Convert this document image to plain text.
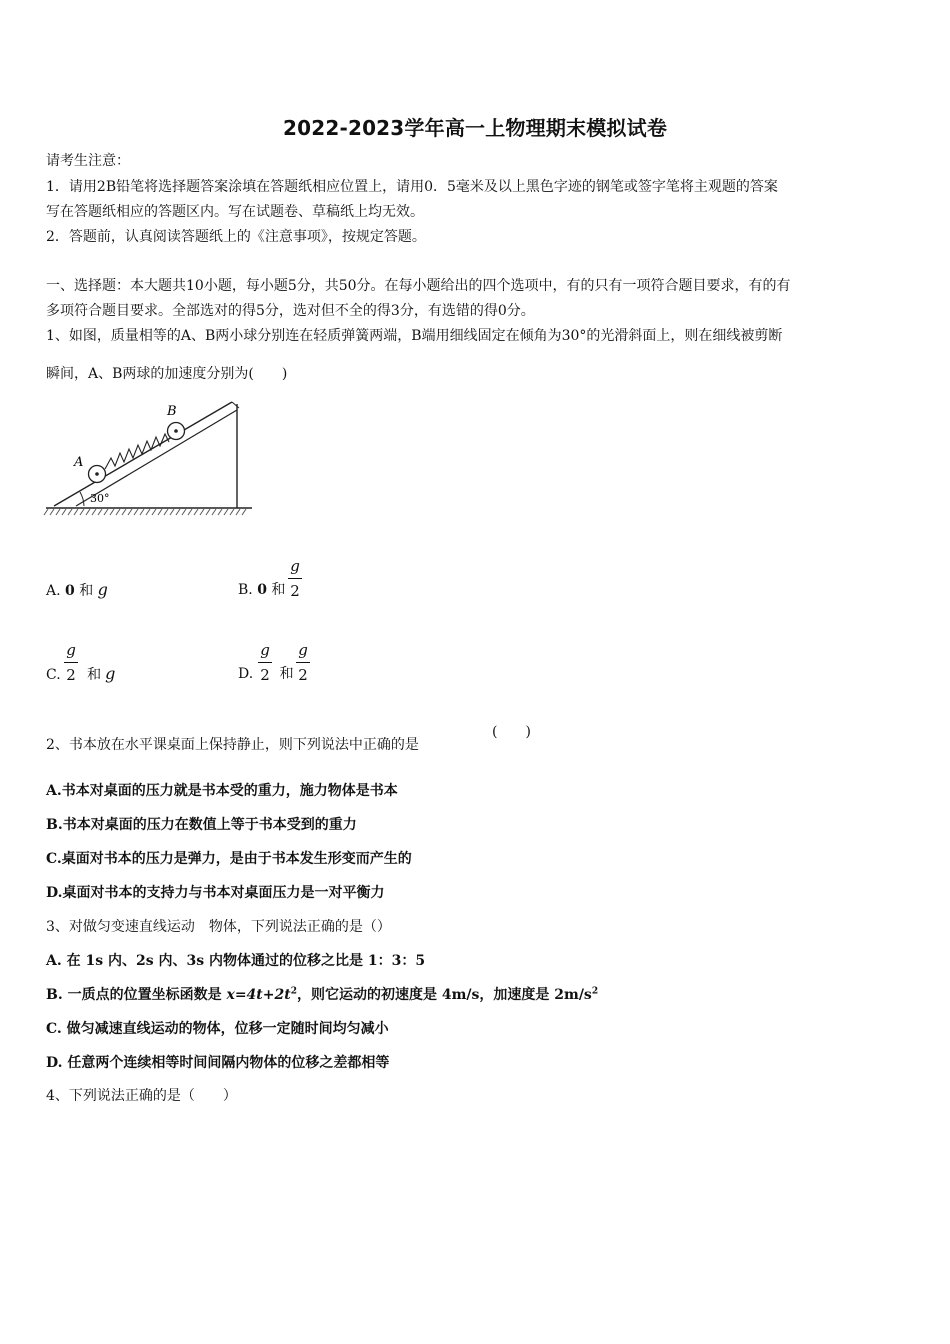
2022-2023学年高一上物理期末模拟试卷
请考生注意：
1．请用2B铅笔将选择题答案涂填在答题纸相应位置上，请用0．5毫米及以上黑色字迹的钢笔或签字笔将主观题的答案
写在答题纸相应的答题区内。写在试题卷、草稿纸上均无效。
2．答题前，认真阅读答题纸上的《注意事项》，按规定答题。
一、选择题：本大题共10小题，每小题5分，共50分。在每小题给出的四个选项中，有的只有一项符合题目要求，有的有
多项符合题目要求。全部选对的得5分，选对但不全的得3分，有选错的得0分。
1、如图，质量相等的A、B两小球分别连在轻质弹簧两端，B端用细线固定在倾角为30°的光滑斜面上，则在细线被剪断
瞬间，A、B两球的加速度分别为(　　)
A
B
30°
A. 0 和 g	B. 0 和
g
2
g
2
C. 和 g
g
2
g
2
D. 和
2、书本放在水平课桌面上保持静止，则下列说法中正确的是
(　　)
A.书本对桌面的压力就是书本受的重力，施力物体是书本
B.书本对桌面的压力在数值上等于书本受到的重力
C.桌面对书本的压力是弹力，是由于书本发生形变而产生的
D.桌面对书本的支持力与书本对桌面压力是一对平衡力
3、对做匀变速直线运动　物体，下列说法正确的是（）
A. 在 1s 内、2s 内、3s 内物体通过的位移之比是 1：3：5
B. 一质点的位置坐标函数是 $x=4t+2t^2$，则它运动的初速度是 4m/s，加速度是 $2m/s^2$
C. 做匀减速直线运动的物体，位移一定随时间均匀减小
D. 任意两个连续相等时间间隔内物体的位移之差都相等
4、下列说法正确的是（　　）
